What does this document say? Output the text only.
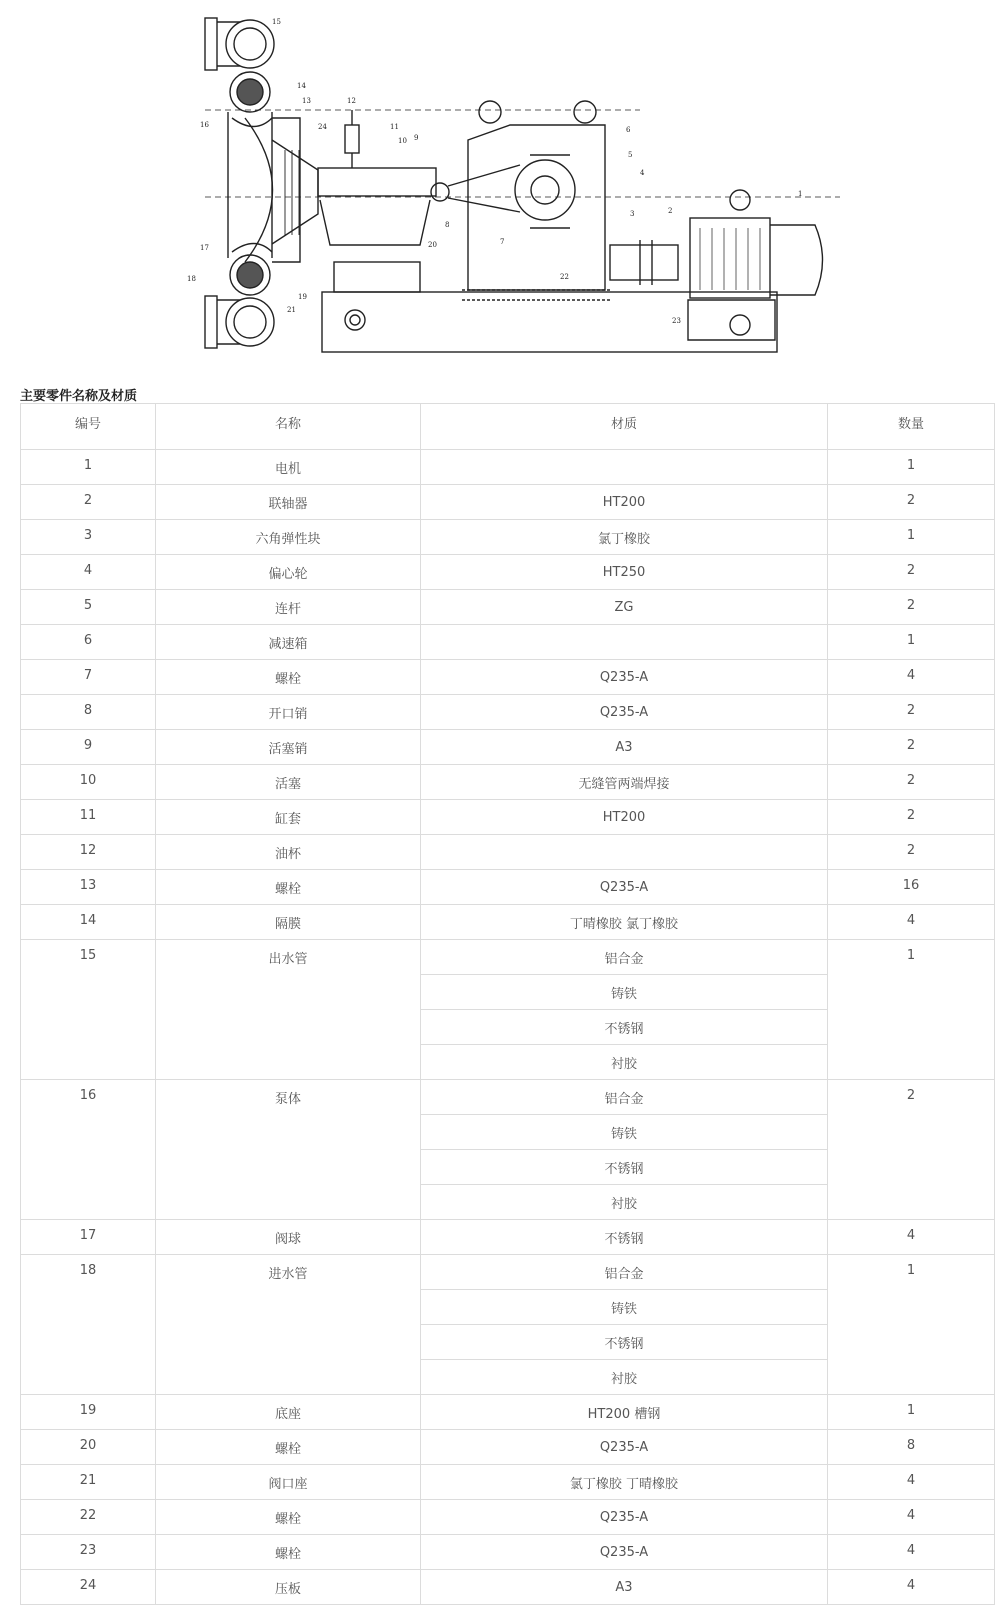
1
2
3
4
5
6
7
8
9
10
11
12
13
14
15
16
17
18
19
20
21
22
23
24
主要零件名称及材质
编号	名称	材质	数量
1	电机		1
2	联轴器	HT200	2
3	六角弹性块	氯丁橡胶	1
4	偏心轮	HT250	2
5	连杆	ZG	2
6	减速箱		1
7	螺栓	Q235-A	4
8	开口销	Q235-A	2
9	活塞销	A3	2
10	活塞	无缝管两端焊接	2
11	缸套	HT200	2
12	油杯		2
13	螺栓	Q235-A	16
14	隔膜	丁晴橡胶 氯丁橡胶	4
15	出水管	铝合金	1
		铸铁	
		不锈钢	
		衬胶	
16	泵体	铝合金	2
		铸铁	
		不锈钢	
		衬胶	
17	阀球	不锈钢	4
18	进水管	铝合金	1
		铸铁	
		不锈钢	
		衬胶	
19	底座	HT200 槽钢	1
20	螺栓	Q235-A	8
21	阀口座	氯丁橡胶 丁晴橡胶	4
22	螺栓	Q235-A	4
23	螺栓	Q235-A	4
24	压板	A3	4
